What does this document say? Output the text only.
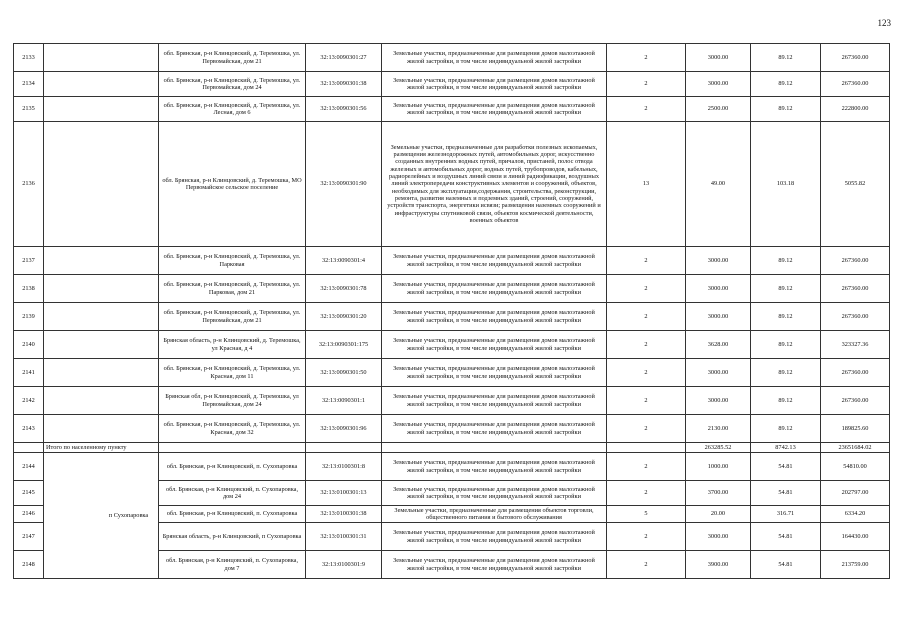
123
2133		обл. Брянская, р-н Клинцовский, д. Теремошка, ул. Первомайская, дом 21	32:13:0090301:27	Земельные участки, предназначенные для размещения домов малоэтажной жилой застройки, в том числе индивидуальной жилой застройки	2	3000.00	89.12	267360.00
2134		обл. Брянская, р-н Клинцовский, д. Теремошка, ул. Первомайская, дом 24	32:13:0090301:38	Земельные участки, предназначенные для размещения домов малоэтажной жилой застройки, в том числе индивидуальной жилой застройки	2	3000.00	89.12	267360.00
2135		обл. Брянская, р-н Клинцовский, д. Теремошка, ул. Лесная, дом 6	32:13:0090301:56	Земельные участки, предназначенные для размещения домов малоэтажной жилой застройки, в том числе индивидуальной жилой застройки	2	2500.00	89.12	222800.00
2136		обл. Брянская, р-н Клинцовский, д. Теремошка, МО Первомайское сельское поселение	32:13:0090301:90	Земельные участки, предназначенные для разработки полезных ископаемых, размещения железнодорожных путей, автомобильных дорог, искусственно созданных внутренних водных путей, причалов, пристаней, полос отвода железных и автомобильных дорог, водных путей, трубопроводов, кабельных, радиорелейных и воздушных линий связи и линий радиофикации, воздушных линий электропередачи конструктивных элементов и сооружений, объектов, необходимых для эксплуатации,содержания, строительства, реконструкции, ремонта, развития наземных и подземных зданий, строений, сооружений, устройств транспорта, энергетики исвязи; размещения наземных сооружений и инфраструктуры спутниковой связи, объектов космической деятельности, военных объектов	13	49.00	103.18	5055.82
2137		обл. Брянская, р-н Клинцовский, д. Теремошка, ул. Парковая	32:13:0090301:4	Земельные участки, предназначенные для размещения домов малоэтажной жилой застройки, в том числе индивидуальной жилой застройки	2	3000.00	89.12	267360.00
2138		обл. Брянская, р-н Клинцовский, д. Теремошка, ул. Парковая, дом 21	32:13:0090301:78	Земельные участки, предназначенные для размещения домов малоэтажной жилой застройки, в том числе индивидуальной жилой застройки	2	3000.00	89.12	267360.00
2139		обл. Брянская, р-н Клинцовский, д. Теремошка, ул. Первомайская, дом 21	32:13:0090301:20	Земельные участки, предназначенные для размещения домов малоэтажной жилой застройки, в том числе индивидуальной жилой застройки	2	3000.00	89.12	267360.00
2140		Брянская область, р-н Клинцовский, д. Теремошка, ул Красная, д 4	32:13:0090301:175	Земельные участки, предназначенные для размещения домов малоэтажной жилой застройки, в том числе индивидуальной жилой застройки	2	3628.00	89.12	323327.36
2141		обл. Брянская, р-н Клинцовский, д. Теремошка, ул. Красная, дом 11	32:13:0090301:50	Земельные участки, предназначенные для размещения домов малоэтажной жилой застройки, в том числе индивидуальной жилой застройки	2	3000.00	89.12	267360.00
2142		Брянская обл, р-н Клинцовский, д. Теремошка, ул Первомайская, дом 24	32:13:0090301:1	Земельные участки, предназначенные для размещения домов малоэтажной жилой застройки, в том числе индивидуальной жилой застройки	2	3000.00	89.12	267360.00
2143		обл. Брянская, р-н Клинцовский, д. Теремошка, ул. Красная, дом 32	32:13:0090301:96	Земельные участки, предназначенные для размещения домов малоэтажной жилой застройки, в том числе индивидуальной жилой застройки	2	2130.00	89.12	189825.60
	Итого по населенному пункту					263285.52	8742.13	23651684.02
2144	п Сухопаровка	обл. Брянская, р-н Клинцовский, п. Сухопаровка	32:13:0100301:8	Земельные участки, предназначенные для размещения домов малоэтажной жилой застройки, в том числе индивидуальной жилой застройки	2	1000.00	54.81	54810.00
2145		обл. Брянская, р-н Клинцовский, п. Сухопаровка, дом 24	32:13:0100301:13	Земельные участки, предназначенные для размещения домов малоэтажной жилой застройки, в том числе индивидуальной жилой застройки	2	3700.00	54.81	202797.00
2146		обл. Брянская, р-н Клинцовский, п. Сухопаровка	32:13:0100301:38	Земельные участки, предназначенные для размещения объектов торговли, общественного питания и бытового обслуживания	5	20.00	316.71	6334.20
2147		Брянская область, р-н Клинцовский, п Сухопаровка	32:13:0100301:31	Земельные участки, предназначенные для размещения домов малоэтажной жилой застройки, в том числе индивидуальной жилой застройки	2	3000.00	54.81	164430.00
2148		обл. Брянская, р-н Клинцовский, п. Сухопаровка, дом 7	32:13:0100301:9	Земельные участки, предназначенные для размещения домов малоэтажной жилой застройки, в том числе индивидуальной жилой застройки	2	3900.00	54.81	213759.00
